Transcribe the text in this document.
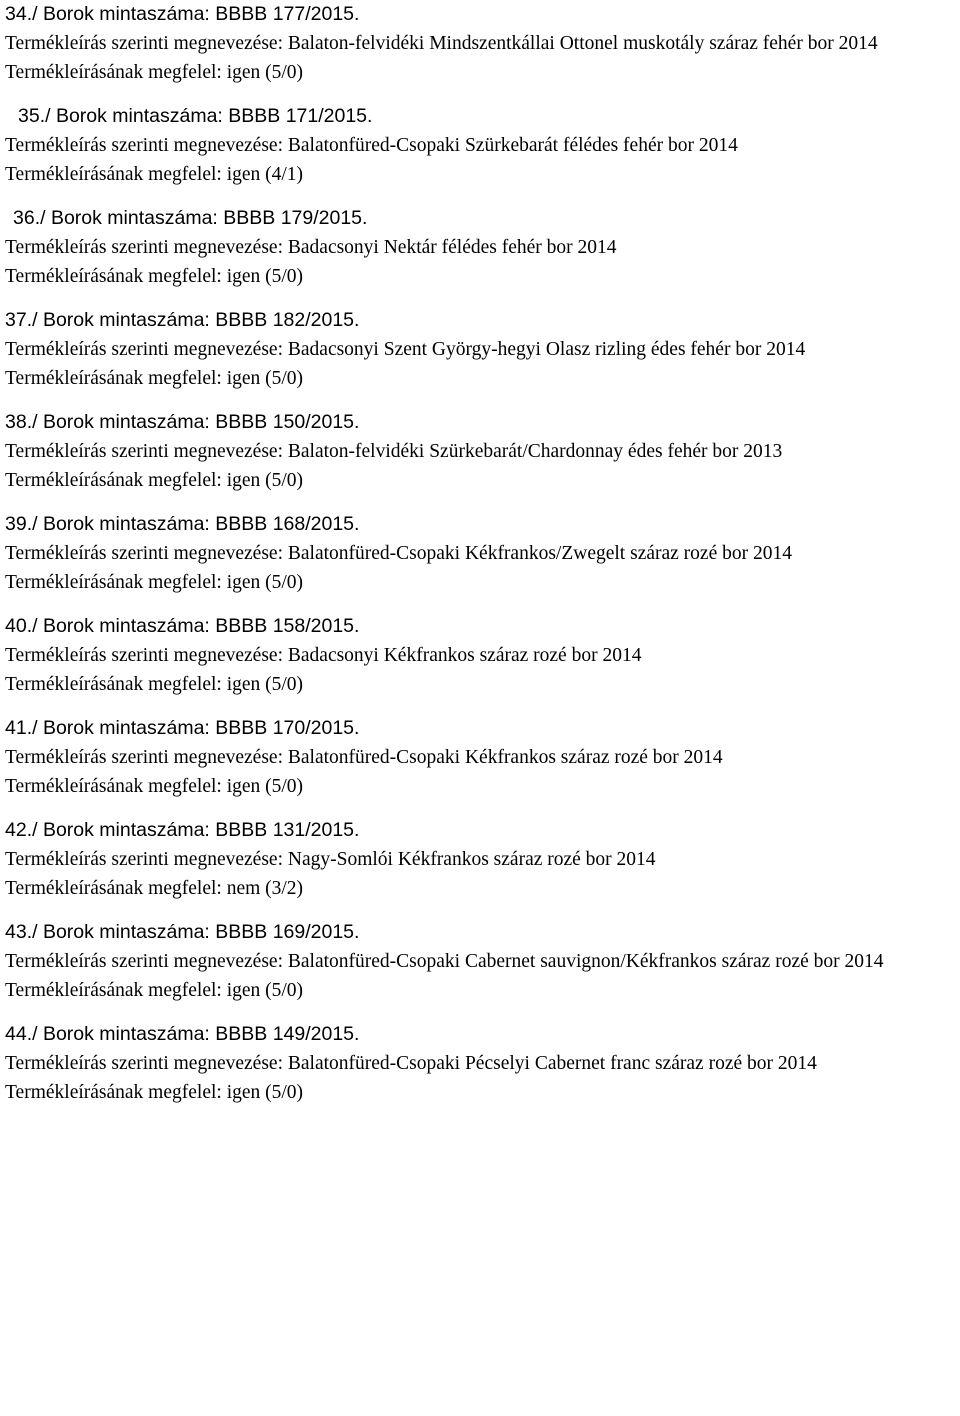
34./ Borok mintaszáma: BBBB 177/2015.

Termékleírás szerinti megnevezése: Balaton-felvidéki Mindszentkállai Ottonel muskotály száraz fehér bor 2014

Termékleírásának megfelel: igen (5/0)

35./ Borok mintaszáma: BBBB 171/2015.

Termékleírás szerinti megnevezése: Balatonfüred-Csopaki Szürkebarát félédes fehér bor 2014

Termékleírásának megfelel: igen (4/1)

36./ Borok mintaszáma: BBBB 179/2015.

Termékleírás szerinti megnevezése: Badacsonyi Nektár félédes fehér bor 2014

Termékleírásának megfelel: igen (5/0)

37./ Borok mintaszáma: BBBB 182/2015.

Termékleírás szerinti megnevezése: Badacsonyi Szent György-hegyi Olasz rizling édes fehér bor 2014

Termékleírásának megfelel: igen (5/0)

38./ Borok mintaszáma: BBBB 150/2015.

Termékleírás szerinti megnevezése: Balaton-felvidéki Szürkebarát/Chardonnay édes fehér bor 2013

Termékleírásának megfelel: igen (5/0)

39./ Borok mintaszáma: BBBB 168/2015.

Termékleírás szerinti megnevezése: Balatonfüred-Csopaki Kékfrankos/Zwegelt száraz rozé bor 2014

Termékleírásának megfelel: igen (5/0)

40./ Borok mintaszáma: BBBB 158/2015.

Termékleírás szerinti megnevezése: Badacsonyi Kékfrankos száraz rozé bor 2014

Termékleírásának megfelel: igen (5/0)

41./ Borok mintaszáma: BBBB 170/2015.

Termékleírás szerinti megnevezése: Balatonfüred-Csopaki Kékfrankos száraz rozé bor 2014

Termékleírásának megfelel: igen (5/0)

42./ Borok mintaszáma: BBBB 131/2015.

Termékleírás szerinti megnevezése: Nagy-Somlói Kékfrankos száraz rozé bor 2014

Termékleírásának megfelel: nem (3/2)

43./ Borok mintaszáma: BBBB 169/2015.

Termékleírás szerinti megnevezése: Balatonfüred-Csopaki Cabernet sauvignon/Kékfrankos száraz rozé bor 2014

Termékleírásának megfelel: igen (5/0)

44./ Borok mintaszáma: BBBB 149/2015.

Termékleírás szerinti megnevezése: Balatonfüred-Csopaki Pécselyi Cabernet franc száraz rozé bor 2014

Termékleírásának megfelel: igen (5/0)
